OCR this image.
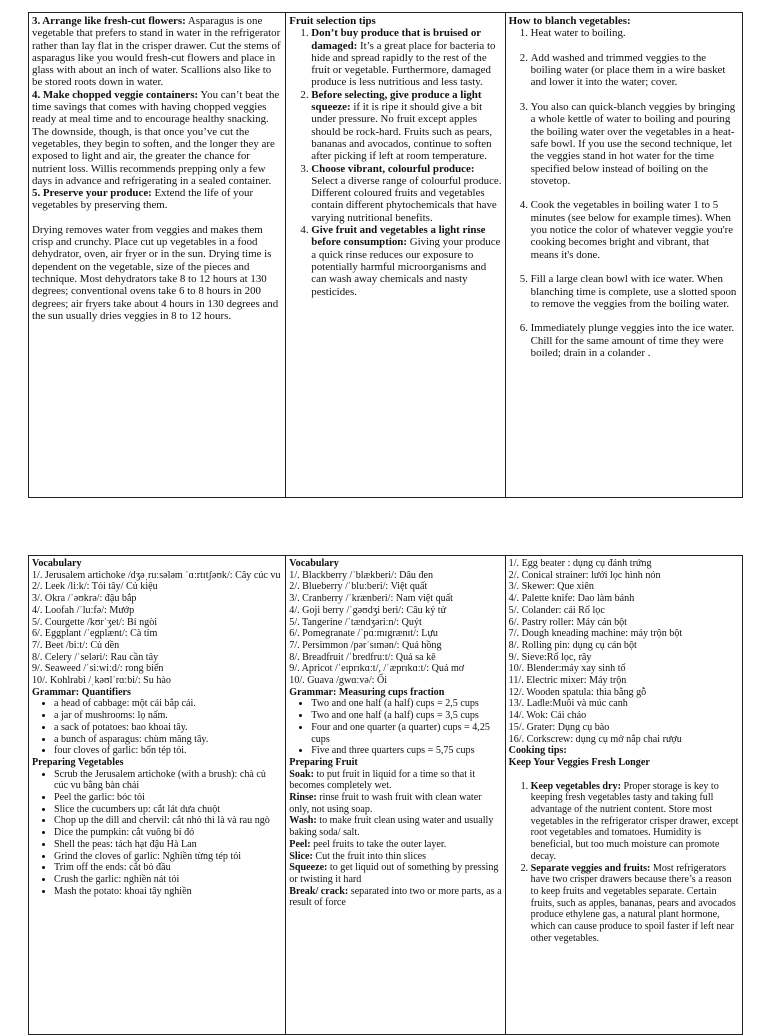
3. Arrange like fresh-cut flowers: Asparagus is one vegetable that prefers to stand in water in the refrigerator rather than lay flat in the crisper drawer. Cut the stems of asparagus like you would fresh-cut flowers and place in glass with about an inch of water. Scallions also like to be stored roots down in water.

4. Make chopped veggie containers: You can’t beat the time savings that comes with having chopped veggies ready at meal time and to encourage healthy snacking. The downside, though, is that once you’ve cut the vegetables, they begin to soften, and the longer they are exposed to light and air, the greater the chance for nutrient loss. Willis recommends prepping only a few days in advance and refrigerating in a sealed container.

5. Preserve your produce: Extend the life of your vegetables by preserving them.

Drying removes water from veggies and makes them crisp and crunchy. Place cut up vegetables in a food dehydrator, oven, air fryer or in the sun. Drying time is dependent on the vegetable, size of the pieces and technique. Most dehydrators take 8 to 12 hours at 130 degrees; conventional ovens take 6 to 8 hours in 200 degrees; air fryers take about 4 hours in 130 degrees and the sun usually dries veggies in 8 to 12 hours.

Fruit selection tips

1. Don’t buy produce that is bruised or damaged: It’s a great place for bacteria to hide and spread rapidly to the rest of the fruit or vegetable. Furthermore, damaged produce is less nutritious and less tasty.
2. Before selecting, give produce a light squeeze: if it is ripe it should give a bit under pressure. No fruit except apples should be rock-hard. Fruits such as pears, bananas and avocados, continue to soften after picking if left at room temperature.
3. Choose vibrant, colourful produce: Select a diverse range of colourful produce. Different coloured fruits and vegetables contain different phytochemicals that have varying nutritional benefits.
4. Give fruit and vegetables a light rinse before consumption: Giving your produce a quick rinse reduces our exposure to potentially harmful microorganisms and can wash away chemicals and nasty pesticides.

How to blanch vegetables:

1. Heat water to boiling.
2. Add washed and trimmed veggies to the boiling water (or place them in a wire basket and lower it into the water; cover.
3. You also can quick-blanch veggies by bringing a whole kettle of water to boiling and pouring the boiling water over the vegetables in a heat-safe bowl. If you use the second technique, let the veggies stand in hot water for the time specified below instead of boiling on the stovetop.
4. Cook the vegetables in boiling water 1 to 5 minutes (see below for example times). When you notice the color of whatever veggie you're cooking becomes bright and vibrant, that means it's done.
5. Fill a large clean bowl with ice water. When blanching time is complete, use a slotted spoon to remove the veggies from the boiling water.
6. Immediately plunge veggies into the ice water. Chill for the same amount of time they were boiled; drain in a colander .

Vocabulary

1/. Jerusalem artichoke /dʒəˌruːsələm ˈɑːrtɪtʃəʊk/: Cây cúc vu
2/. Leek /liːk/: Tỏi tây/ Củ kiệu
3/. Okra /ˈəʊkrə/: đậu bắp
4/. Loofah /ˈluːfə/: Mướp
5/. Courgette /kʊrˈʒet/: Bí ngòi
6/. Eggplant /ˈegplænt/: Cà tím
7/. Beet /biːt/: Củ dền
8/. Celery /ˈseləri/: Rau cần tây
9/. Seaweed /ˈsiːwiːd/: rong biển
10/. Kohlrabi /ˌkəʊlˈrɑːbi/: Su hào

Grammar: Quantifiers

• a head of cabbage: một cái bắp cải.
• a jar of mushrooms: lọ nấm.
• a sack of potatoes: bao khoai tây.
• a bunch of asparagus: chùm măng tây.
• four cloves of garlic: bốn tép tỏi.

Preparing Vegetables

• Scrub the Jerusalem artichoke (with a brush): chà củ cúc vu bằng bàn chải
• Peel the garlic: bóc tỏi
• Slice the cucumbers up: cắt lát dưa chuột
• Chop up the dill and chervil: cắt nhỏ thì là và rau ngò
• Dice the pumpkin: cắt vuông bí đỏ
• Shell the peas: tách hạt đậu Hà Lan
• Grind the cloves of garlic: Nghiền từng tép tỏi
• Trim off the ends: cắt bỏ đầu
• Crush the garlic: nghiền nát tỏi
• Mash the potato: khoai tây nghiền

Vocabulary

1/. Blackberry /ˈblækberi/: Dâu đen
2/. Blueberry /ˈbluːberi/: Việt quất
3/. Cranberry /ˈkrænberi/: Nam việt quất
4/. Goji berry /ˈgəʊdʒi beri/: Câu kỷ tử
5/. Tangerine /ˈtændʒəriːn/: Quýt
6/. Pomegranate /ˈpɑːmɪgrænɪt/: Lựu
7/. Persimmon /pərˈsɪmən/: Quả hồng
8/. Breadfruit /ˈbredfruːt/: Quả sa kê
9/. Apricot /ˈeɪprɪkɑːt/, /ˈæprɪkɑːt/: Quả mơ
10/. Guava /gwɑːvə/: Ổi

Grammar: Measuring cups fraction

• Two and one half (a half) cups = 2,5 cups
• Two and one half (a half) cups = 3,5 cups
• Four and one quarter (a quarter) cups = 4,25 cups
• Five and three quarters cups = 5,75 cups

Preparing Fruit

Soak: to put fruit in liquid for a time so that it becomes completely wet.

Rinse: rinse fruit to wash fruit with clean water only, not using soap.

Wash: to make fruit clean using water and usually baking soda/ salt.

Peel: peel fruits to take the outer layer.

Slice: Cut the fruit into thin slices

Squeeze: to get liquid out of something by pressing or twisting it hard

Break/ crack: separated into two or more parts, as a result of force

1/. Egg beater : dụng cụ đánh trứng
2/. Conical strainer: lưới lọc hình nón
3/. Skewer: Que xiên
4/. Palette knife: Dao làm bánh
5/. Colander: cái Rổ lọc
6/. Pastry roller: Máy cán bột
7/. Dough kneading machine: máy trộn bột
8/. Rolling pin: dụng cụ cán bột
9/. Sieve:Rổ lọc, rây
10/. Blender:máy xay sinh tố
11/. Electric mixer: Máy trộn
12/. Wooden spatula: thìa bằng gỗ
13/. Ladle:Muôi và múc canh
14/. Wok: Cái chảo
15/. Grater: Dụng cụ bào
16/. Corkscrew: dụng cụ mở nắp chai rượu

Cooking tips:

Keep Your Veggies Fresh Longer

1. Keep vegetables dry: Proper storage is key to keeping fresh vegetables tasty and taking full advantage of the nutrient content. Store most vegetables in the refrigerator crisper drawer, except root vegetables and tomatoes. Humidity is beneficial, but too much moisture can promote decay.
2. Separate veggies and fruits: Most refrigerators have two crisper drawers because there’s a reason to keep fruits and vegetables separate. Certain fruits, such as apples, bananas, pears and avocados produce ethylene gas, a natural plant hormone, which can cause produce to spoil faster if left near other vegetables.
